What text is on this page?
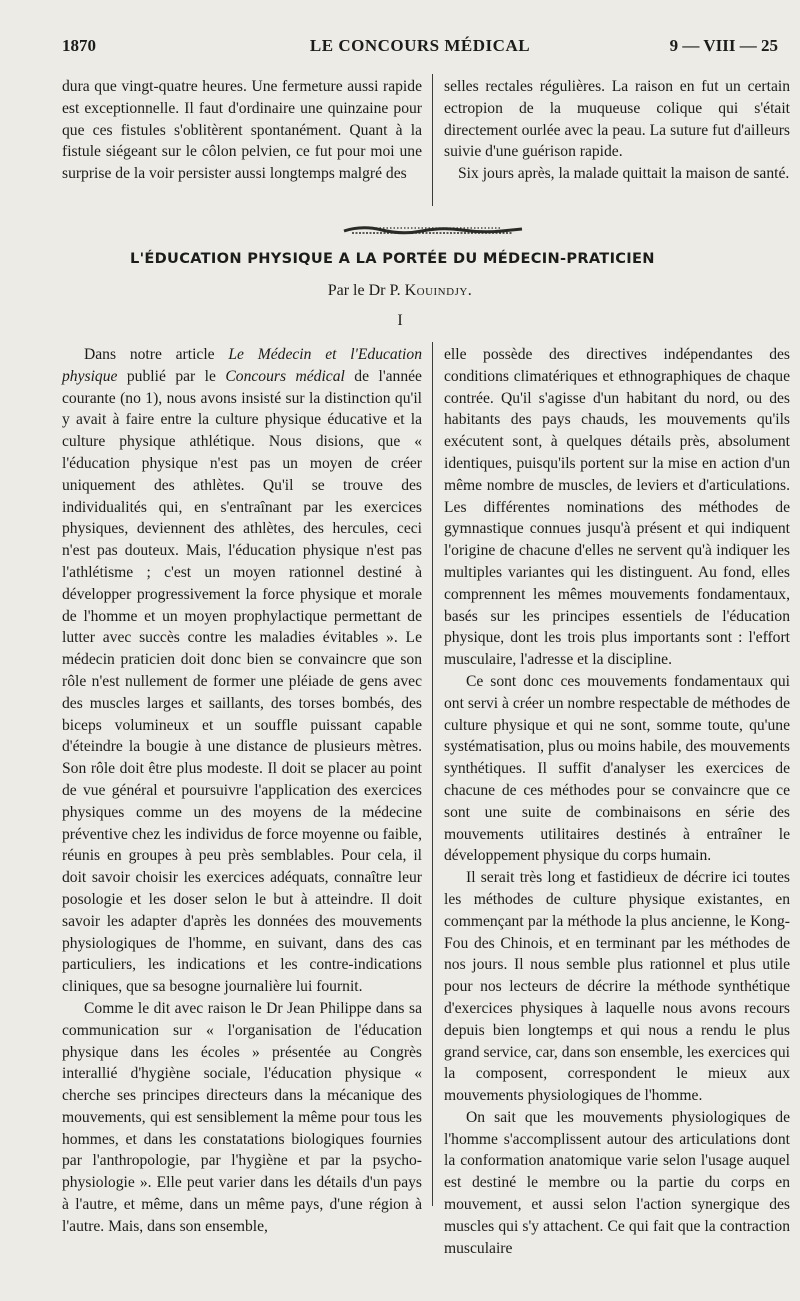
1870	LE CONCOURS MÉDICAL	9 — VIII — 25

dura que vingt-quatre heures. Une fermeture aussi rapide est exceptionnelle. Il faut d'ordinaire une quinzaine pour que ces fistules s'oblitèrent spontanément. Quant à la fistule siégeant sur le côlon pelvien, ce fut pour moi une surprise de la voir persister aussi longtemps malgré des

selles rectales régulières. La raison en fut un certain ectropion de la muqueuse colique qui s'était directement ourlée avec la peau. La suture fut d'ailleurs suivie d'une guérison rapide.

Six jours après, la malade quittait la maison de santé.

L'ÉDUCATION PHYSIQUE A LA PORTÉE DU MÉDECIN-PRATICIEN
Par le Dr P. Kouindjy.
I

Dans notre article Le Médecin et l'Education physique publié par le Concours médical de l'année courante (no 1), nous avons insisté sur la distinction qu'il y avait à faire entre la culture physique éducative et la culture physique athlétique. Nous disions, que « l'éducation physique n'est pas un moyen de créer uniquement des athlètes. Qu'il se trouve des individualités qui, en s'entraînant par les exercices physiques, deviennent des athlètes, des hercules, ceci n'est pas douteux. Mais, l'éducation physique n'est pas l'athlétisme ; c'est un moyen rationnel destiné à développer progressivement la force physique et morale de l'homme et un moyen prophylactique permettant de lutter avec succès contre les maladies évitables ». Le médecin praticien doit donc bien se convaincre que son rôle n'est nullement de former une pléiade de gens avec des muscles larges et saillants, des torses bombés, des biceps volumineux et un souffle puissant capable d'éteindre la bougie à une distance de plusieurs mètres. Son rôle doit être plus modeste. Il doit se placer au point de vue général et poursuivre l'application des exercices physiques comme un des moyens de la médecine préventive chez les individus de force moyenne ou faible, réunis en groupes à peu près semblables. Pour cela, il doit savoir choisir les exercices adéquats, connaître leur posologie et les doser selon le but à atteindre. Il doit savoir les adapter d'après les données des mouvements physiologiques de l'homme, en suivant, dans des cas particuliers, les indications et les contre-indications cliniques, que sa besogne journalière lui fournit.

Comme le dit avec raison le Dr Jean Philippe dans sa communication sur « l'organisation de l'éducation physique dans les écoles » présentée au Congrès interallié d'hygiène sociale, l'éducation physique « cherche ses principes directeurs dans la mécanique des mouvements, qui est sensiblement la même pour tous les hommes, et dans les constatations biologiques fournies par l'anthropologie, par l'hygiène et par la psycho-physiologie ». Elle peut varier dans les détails d'un pays à l'autre, et même, dans un même pays, d'une région à l'autre. Mais, dans son ensemble,

elle possède des directives indépendantes des conditions climatériques et ethnographiques de chaque contrée. Qu'il s'agisse d'un habitant du nord, ou des habitants des pays chauds, les mouvements qu'ils exécutent sont, à quelques détails près, absolument identiques, puisqu'ils portent sur la mise en action d'un même nombre de muscles, de leviers et d'articulations. Les différentes nominations des méthodes de gymnastique connues jusqu'à présent et qui indiquent l'origine de chacune d'elles ne servent qu'à indiquer les multiples variantes qui les distinguent. Au fond, elles comprennent les mêmes mouvements fondamentaux, basés sur les principes essentiels de l'éducation physique, dont les trois plus importants sont : l'effort musculaire, l'adresse et la discipline.

Ce sont donc ces mouvements fondamentaux qui ont servi à créer un nombre respectable de méthodes de culture physique et qui ne sont, somme toute, qu'une systématisation, plus ou moins habile, des mouvements synthétiques. Il suffit d'analyser les exercices de chacune de ces méthodes pour se convaincre que ce sont une suite de combinaisons en série des mouvements utilitaires destinés à entraîner le développement physique du corps humain.

Il serait très long et fastidieux de décrire ici toutes les méthodes de culture physique existantes, en commençant par la méthode la plus ancienne, le Kong-Fou des Chinois, et en terminant par les méthodes de nos jours. Il nous semble plus rationnel et plus utile pour nos lecteurs de décrire la méthode synthétique d'exercices physiques à laquelle nous avons recours depuis bien longtemps et qui nous a rendu le plus grand service, car, dans son ensemble, les exercices qui la composent, correspondent le mieux aux mouvements physiologiques de l'homme.

On sait que les mouvements physiologiques de l'homme s'accomplissent autour des articulations dont la conformation anatomique varie selon l'usage auquel est destiné le membre ou la partie du corps en mouvement, et aussi selon l'action synergique des muscles qui s'y attachent. Ce qui fait que la contraction musculaire
